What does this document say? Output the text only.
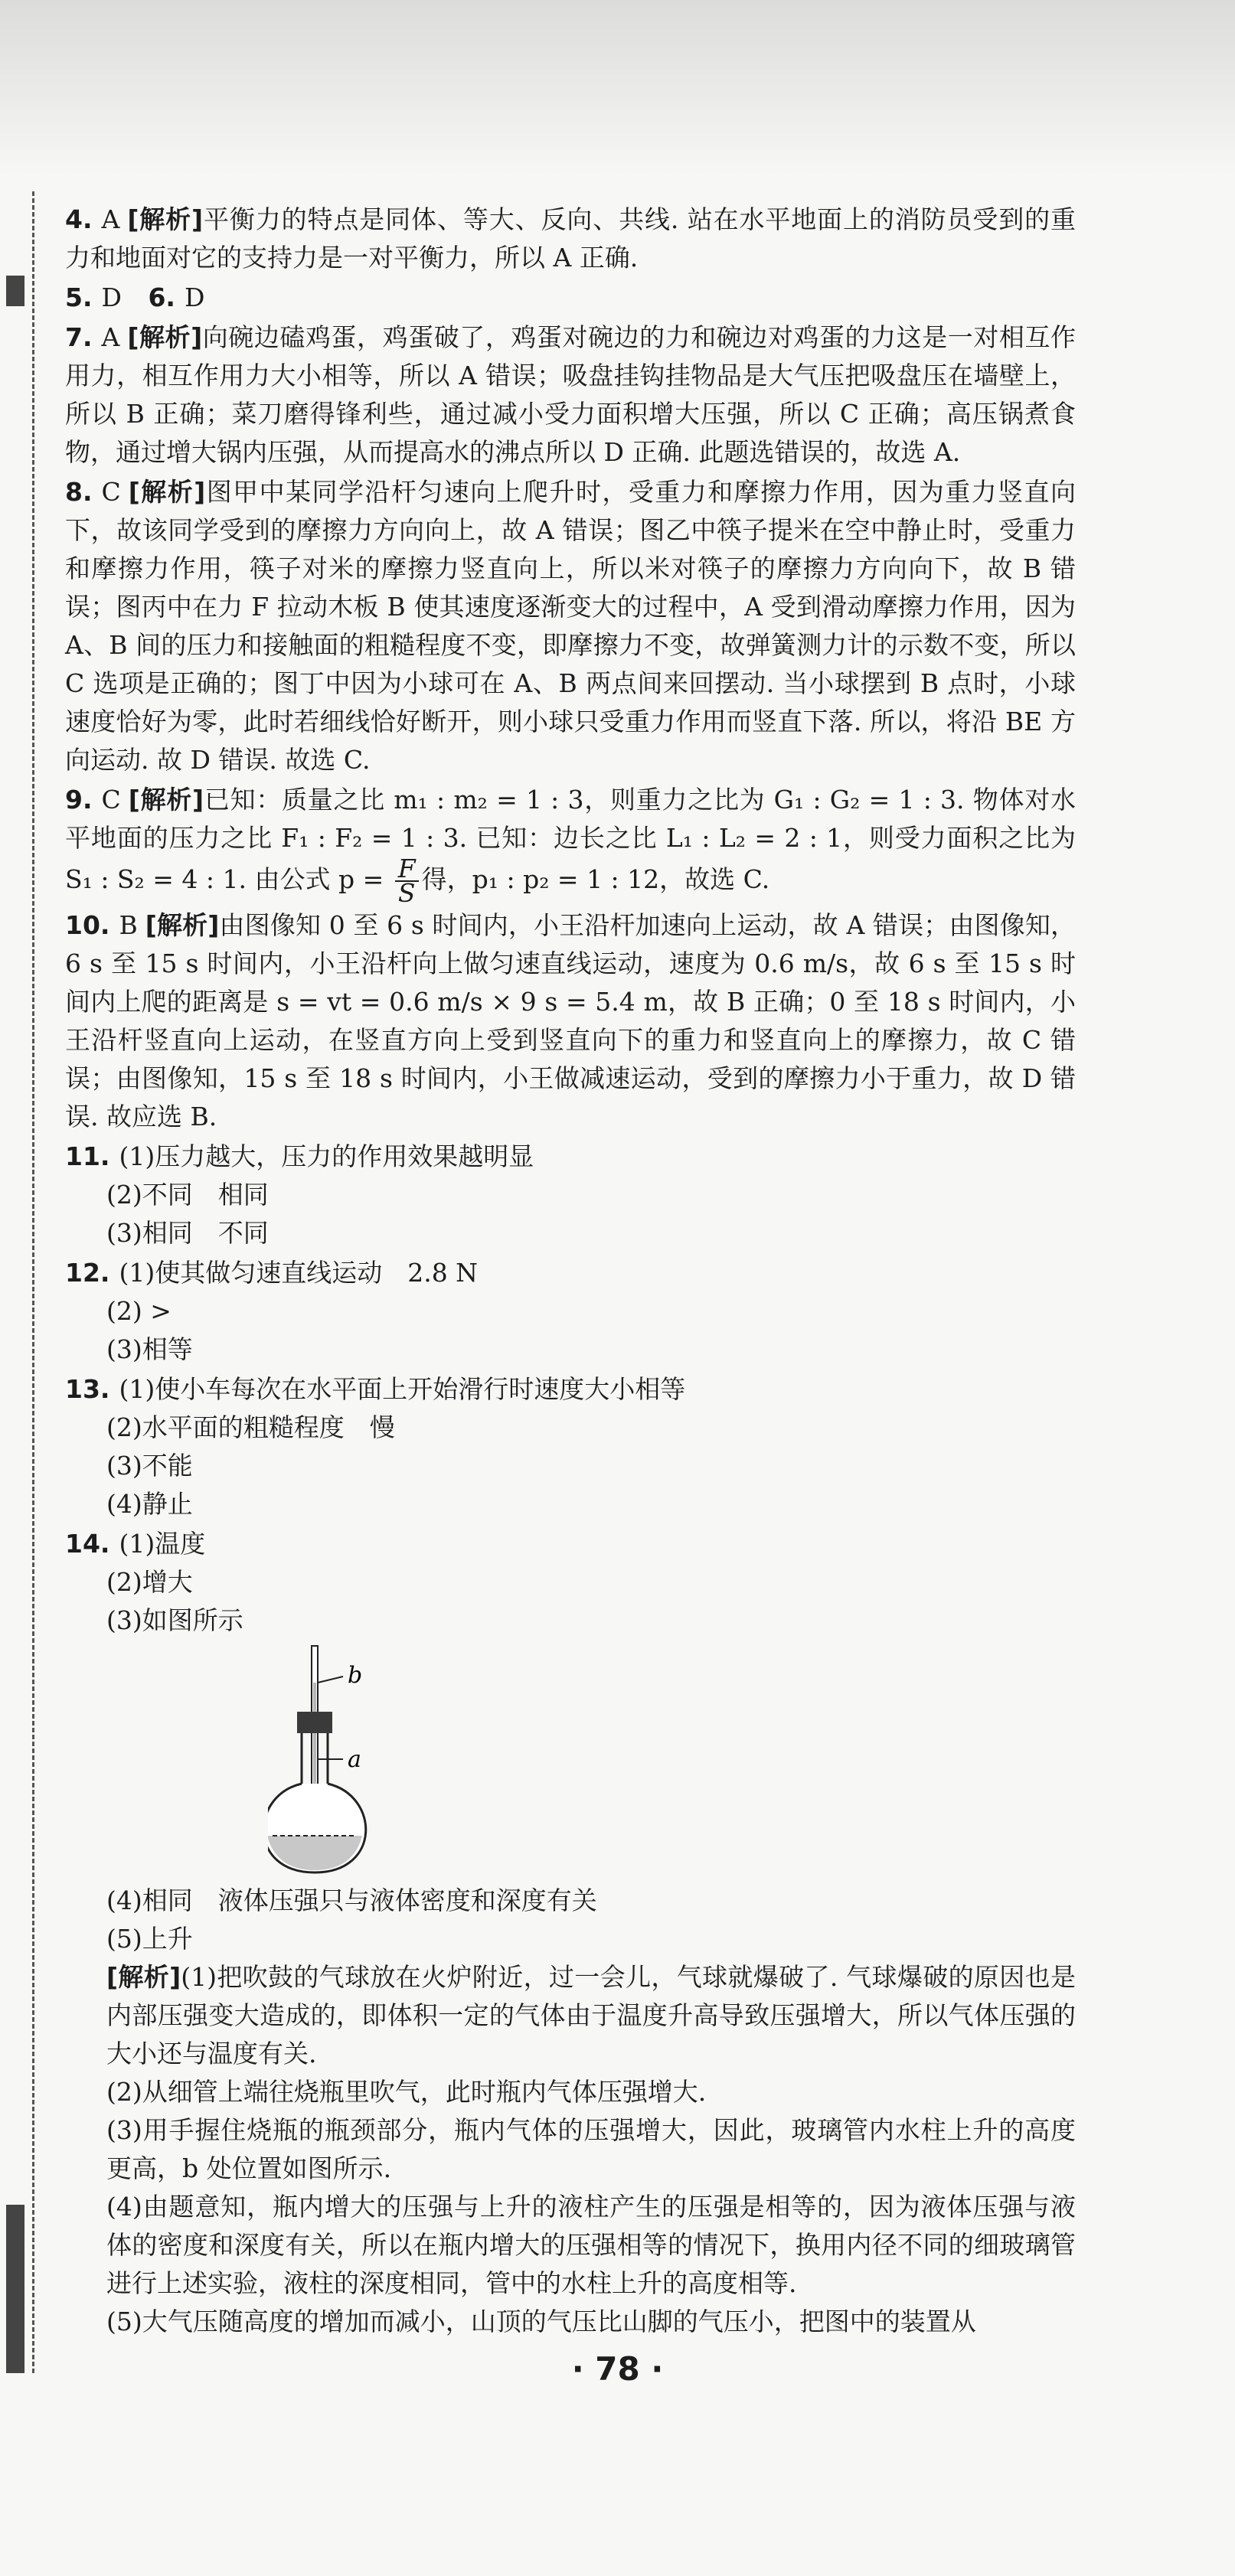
4. A [解析]平衡力的特点是同体、等大、反向、共线. 站在水平地面上的消防员受到的重力和地面对它的支持力是一对平衡力，所以 A 正确.
5. D 6. D
7. A [解析]向碗边磕鸡蛋，鸡蛋破了，鸡蛋对碗边的力和碗边对鸡蛋的力这是一对相互作用力，相互作用力大小相等，所以 A 错误；吸盘挂钩挂物品是大气压把吸盘压在墙壁上，所以 B 正确；菜刀磨得锋利些，通过减小受力面积增大压强，所以 C 正确；高压锅煮食物，通过增大锅内压强，从而提高水的沸点所以 D 正确. 此题选错误的，故选 A.
8. C [解析]图甲中某同学沿杆匀速向上爬升时，受重力和摩擦力作用，因为重力竖直向下，故该同学受到的摩擦力方向向上，故 A 错误；图乙中筷子提米在空中静止时，受重力和摩擦力作用，筷子对米的摩擦力竖直向上，所以米对筷子的摩擦力方向向下，故 B 错误；图丙中在力 F 拉动木板 B 使其速度逐渐变大的过程中，A 受到滑动摩擦力作用，因为 A、B 间的压力和接触面的粗糙程度不变，即摩擦力不变，故弹簧测力计的示数不变，所以 C 选项是正确的；图丁中因为小球可在 A、B 两点间来回摆动. 当小球摆到 B 点时，小球速度恰好为零，此时若细线恰好断开，则小球只受重力作用而竖直下落. 所以，将沿 BE 方向运动. 故 D 错误. 故选 C.
9. C [解析]已知：质量之比 m₁ : m₂ = 1 : 3，则重力之比为 G₁ : G₂ = 1 : 3. 物体对水平地面的压力之比 F₁ : F₂ = 1 : 3. 已知：边长之比 L₁ : L₂ = 2 : 1，则受力面积之比为 S₁ : S₂ = 4 : 1. 由公式 $p = \frac{F}{S}$ 得，p₁ : p₂ = 1 : 12，故选 C.
10. B [解析]由图像知 0 至 6 s 时间内，小王沿杆加速向上运动，故 A 错误；由图像知，6 s 至 15 s 时间内，小王沿杆向上做匀速直线运动，速度为 0.6 m/s，故 6 s 至 15 s 时间内上爬的距离是 s = vt = 0.6 m/s × 9 s = 5.4 m，故 B 正确；0 至 18 s 时间内，小王沿杆竖直向上运动，在竖直方向上受到竖直向下的重力和竖直向上的摩擦力，故 C 错误；由图像知，15 s 至 18 s 时间内，小王做减速运动，受到的摩擦力小于重力，故 D 错误. 故应选 B.
11. (1)压力越大，压力的作用效果越明显
(2)不同　相同
(3)相同　不同
12. (1)使其做匀速直线运动　2.8 N
(2) >
(3)相等
13. (1)使小车每次在水平面上开始滑行时速度大小相等
(2)水平面的粗糙程度　慢
(3)不能
(4)静止
14. (1)温度
(2)增大
(3)如图所示
b
a
(4)相同　液体压强只与液体密度和深度有关
(5)上升
[解析](1)把吹鼓的气球放在火炉附近，过一会儿，气球就爆破了. 气球爆破的原因也是内部压强变大造成的，即体积一定的气体由于温度升高导致压强增大，所以气体压强的大小还与温度有关.
(2)从细管上端往烧瓶里吹气，此时瓶内气体压强增大.
(3)用手握住烧瓶的瓶颈部分，瓶内气体的压强增大，因此，玻璃管内水柱上升的高度更高，b 处位置如图所示.
(4)由题意知，瓶内增大的压强与上升的液柱产生的压强是相等的，因为液体压强与液体的密度和深度有关，所以在瓶内增大的压强相等的情况下，换用内径不同的细玻璃管进行上述实验，液柱的深度相同，管中的水柱上升的高度相等.
(5)大气压随高度的增加而减小，山顶的气压比山脚的气压小，把图中的装置从
· 78 ·
